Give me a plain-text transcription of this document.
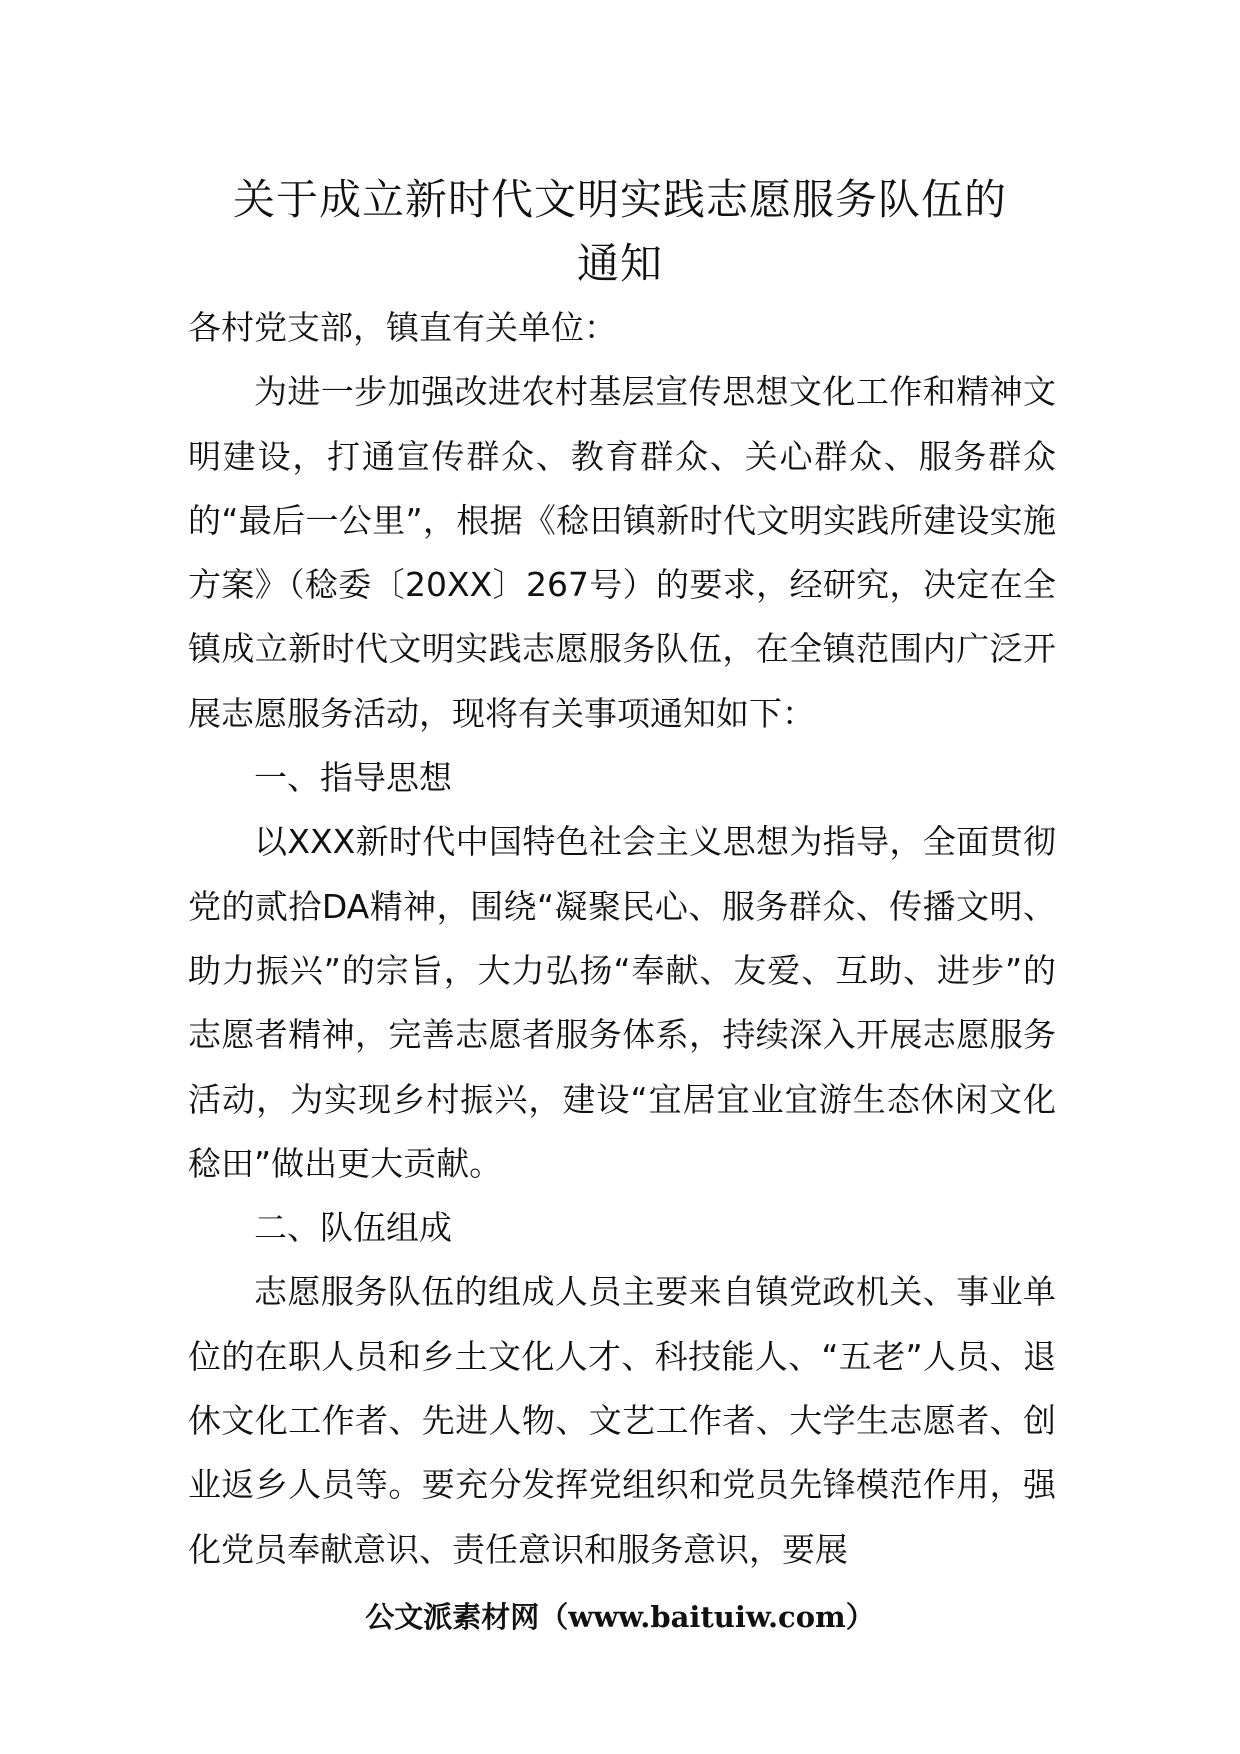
关于成立新时代文明实践志愿服务队伍的
通知

各村党支部，镇直有关单位：

为进一步加强改进农村基层宣传思想文化工作和精神文明建设，打通宣传群众、教育群众、关心群众、服务群众的“最后一公里”，根据《稔田镇新时代文明实践所建设实施方案》（稔委〔20XX〕267号）的要求，经研究，决定在全镇成立新时代文明实践志愿服务队伍，在全镇范围内广泛开展志愿服务活动，现将有关事项通知如下：

一、指导思想

以XXX新时代中国特色社会主义思想为指导，全面贯彻党的贰拾DA精神，围绕“凝聚民心、服务群众、传播文明、助力振兴”的宗旨，大力弘扬“奉献、友爱、互助、进步”的志愿者精神，完善志愿者服务体系，持续深入开展志愿服务活动，为实现乡村振兴，建设“宜居宜业宜游生态休闲文化稔田”做出更大贡献。

二、队伍组成

志愿服务队伍的组成人员主要来自镇党政机关、事业单位的在职人员和乡土文化人才、科技能人、“五老”人员、退休文化工作者、先进人物、文艺工作者、大学生志愿者、创业返乡人员等。要充分发挥党组织和党员先锋模范作用，强化党员奉献意识、责任意识和服务意识，要展

公文派素材网（www.baituiw.com）
